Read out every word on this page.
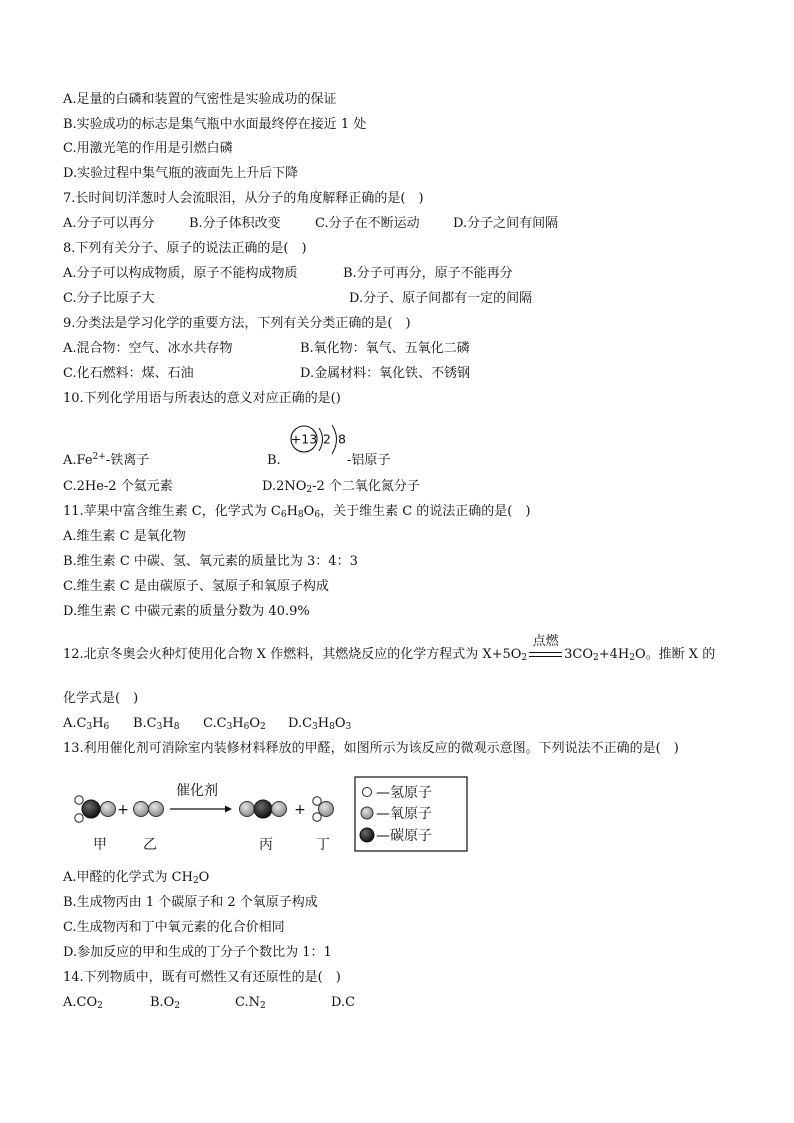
A.足量的白磷和装置的气密性是实验成功的保证
B.实验成功的标志是集气瓶中水面最终停在接近 1 处
C.用激光笔的作用是引燃白磷
D.实验过程中集气瓶的液面先上升后下降
7.长时间切洋葱时人会流眼泪，从分子的角度解释正确的是(　)
A.分子可以再分	B.分子体积改变	C.分子在不断运动	D.分子之间有间隔
8.下列有关分子、原子的说法正确的是(　)
A.分子可以构成物质，原子不能构成物质	B.分子可再分，原子不能再分
C.分子比原子大	D.分子、原子间都有一定的间隔
9.分类法是学习化学的重要方法，下列有关分类正确的是(　)
A.混合物：空气、冰水共存物	B.氧化物：氧气、五氧化二磷
C.化石燃料：煤、石油	D.金属材料：氧化铁、不锈钢
10.下列化学用语与所表达的意义对应正确的是()
+13 2 8
$A.Fe^{2+}-$铁离子	B.	-铝原子
C.2He-2 个氦元素	$D.2NO_2-2$ 个二氧化氮分子
11.苹果中富含维生素 C，化学式为 $C_6H_8O_6$，关于维生素 C 的说法正确的是(　)
A.维生素 C 是氧化物
B.维生素 C 中碳、氢、氧元素的质量比为 3：4：3
C.维生素 C 是由碳原子、氢原子和氧原子构成
D.维生素 C 中碳元素的质量分数为 40.9%
12.北京冬奥会火种灯使用化合物 X 作燃料，其燃烧反应的化学方程式为 $X+5O_2$
点燃
$3CO_2+4H_2O$。推断 X 的
化学式是(　)
$A.C_3H_6$ $B.C_3H_8$ $C.C_3H_6O_2$ $D.C_3H_8O_3$
13.利用催化剂可消除室内装修材料释放的甲醛，如图所示为该反应的微观示意图。下列说法不正确的是(　)
+
催化剂
+
甲	乙	丙	丁
—氢原子
—氧原子
—碳原子
A.甲醛的化学式为 $CH_2O$
B.生成物丙由 1 个碳原子和 2 个氧原子构成
C.生成物丙和丁中氧元素的化合价相同
D.参加反应的甲和生成的丁分子个数比为 1：1
14.下列物质中，既有可燃性又有还原性的是(　)
$A.CO_2$	$B.O_2$	$C.N_2$	D.C
